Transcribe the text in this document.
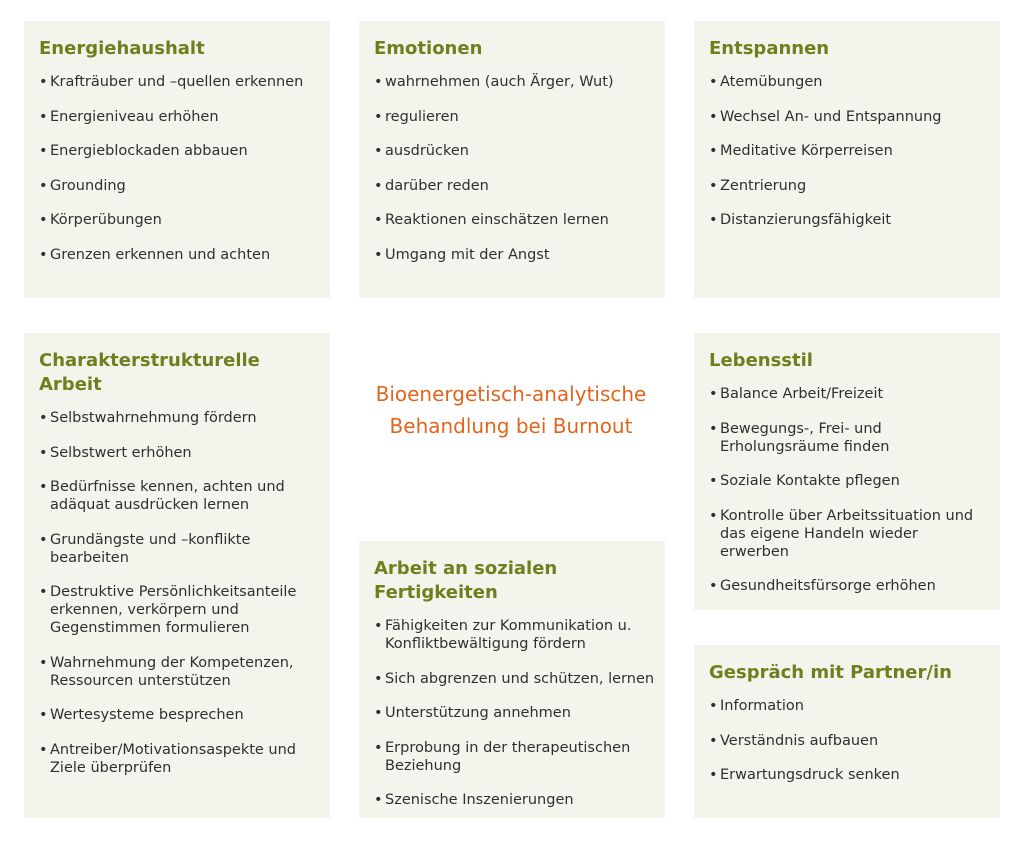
Energiehaushalt
• Krafträuber und –quellen erkennen
• Energieniveau erhöhen
• Energieblockaden abbauen
• Grounding
• Körperübungen
• Grenzen erkennen und achten
Emotionen
• wahrnehmen (auch Ärger, Wut)
• regulieren
• ausdrücken
• darüber reden
• Reaktionen einschätzen lernen
• Umgang mit der Angst
Entspannen
• Atemübungen
• Wechsel An- und Entspannung
• Meditative Körperreisen
• Zentrierung
• Distanzierungsfähigkeit
Charakterstrukturelle Arbeit
• Selbstwahrnehmung fördern
• Selbstwert erhöhen
• Bedürfnisse kennen, achten und adäquat ausdrücken lernen
• Grundängste und –konflikte bearbeiten
• Destruktive Persönlichkeitsanteile erkennen, verkörpern und Gegenstimmen formulieren
• Wahrnehmung der Kompetenzen, Ressourcen unterstützen
• Wertesysteme besprechen
• Antreiber/Motivationsaspekte und Ziele überprüfen
Bioenergetisch-analytische
Behandlung bei Burnout
Arbeit an sozialen Fertigkeiten
• Fähigkeiten zur Kommunikation u. Konfliktbewältigung fördern
• Sich abgrenzen und schützen, lernen
• Unterstützung annehmen
• Erprobung in der therapeutischen Beziehung
• Szenische Inszenierungen
Lebensstil
• Balance Arbeit/Freizeit
• Bewegungs-, Frei- und Erholungsräume finden
• Soziale Kontakte pflegen
• Kontrolle über Arbeitssituation und das eigene Handeln wieder erwerben
• Gesundheitsfürsorge erhöhen
Gespräch mit Partner/in
• Information
• Verständnis aufbauen
• Erwartungsdruck senken
